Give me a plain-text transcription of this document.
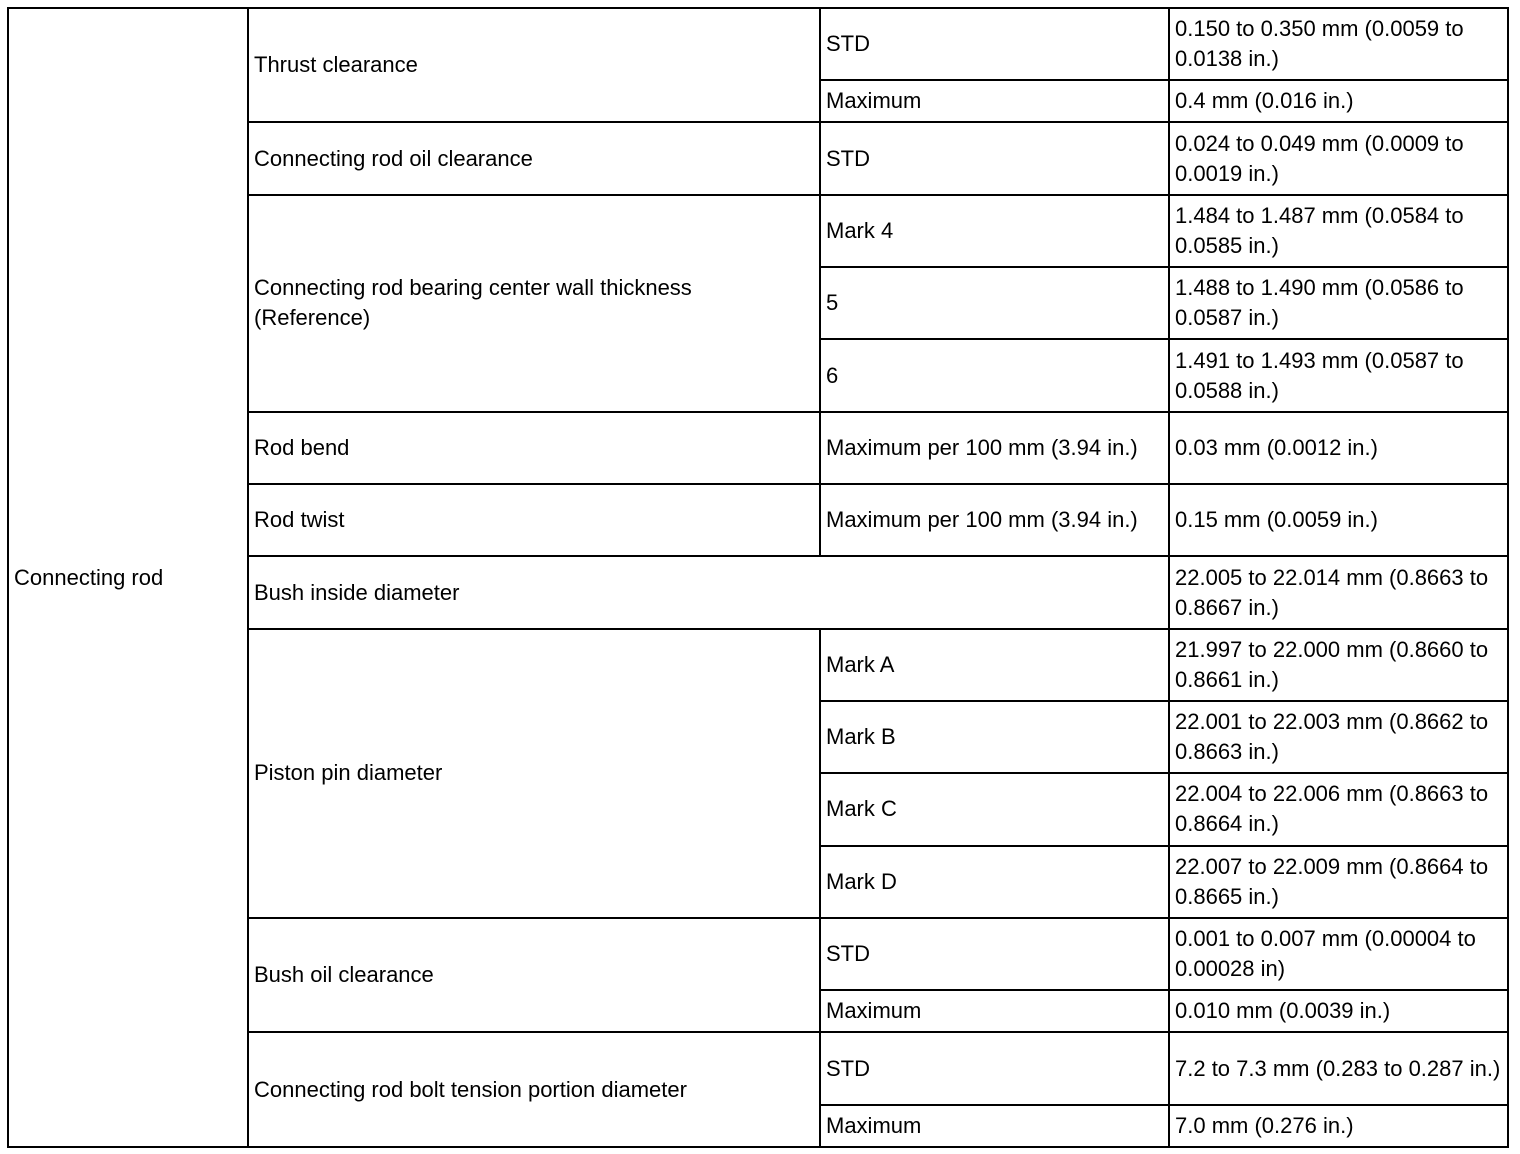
Connecting rod	Thrust clearance	STD	0.150 to 0.350 mm (0.0059 to 0.0138 in.)
		Maximum	0.4 mm (0.016 in.)
	Connecting rod oil clearance	STD	0.024 to 0.049 mm (0.0009 to 0.0019 in.)
	Connecting rod bearing center wall thickness (Reference)	Mark 4	1.484 to 1.487 mm (0.0584 to 0.0585 in.)
		5	1.488 to 1.490 mm (0.0586 to 0.0587 in.)
		6	1.491 to 1.493 mm (0.0587 to 0.0588 in.)
	Rod bend	Maximum per 100 mm (3.94 in.)	0.03 mm (0.0012 in.)
	Rod twist	Maximum per 100 mm (3.94 in.)	0.15 mm (0.0059 in.)
	Bush inside diameter		22.005 to 22.014 mm (0.8663 to 0.8667 in.)
	Piston pin diameter	Mark A	21.997 to 22.000 mm (0.8660 to 0.8661 in.)
		Mark B	22.001 to 22.003 mm (0.8662 to 0.8663 in.)
		Mark C	22.004 to 22.006 mm (0.8663 to 0.8664 in.)
		Mark D	22.007 to 22.009 mm (0.8664 to 0.8665 in.)
	Bush oil clearance	STD	0.001 to 0.007 mm (0.00004 to 0.00028 in)
		Maximum	0.010 mm (0.0039 in.)
	Connecting rod bolt tension portion diameter	STD	7.2 to 7.3 mm (0.283 to 0.287 in.)
		Maximum	7.0 mm (0.276 in.)
